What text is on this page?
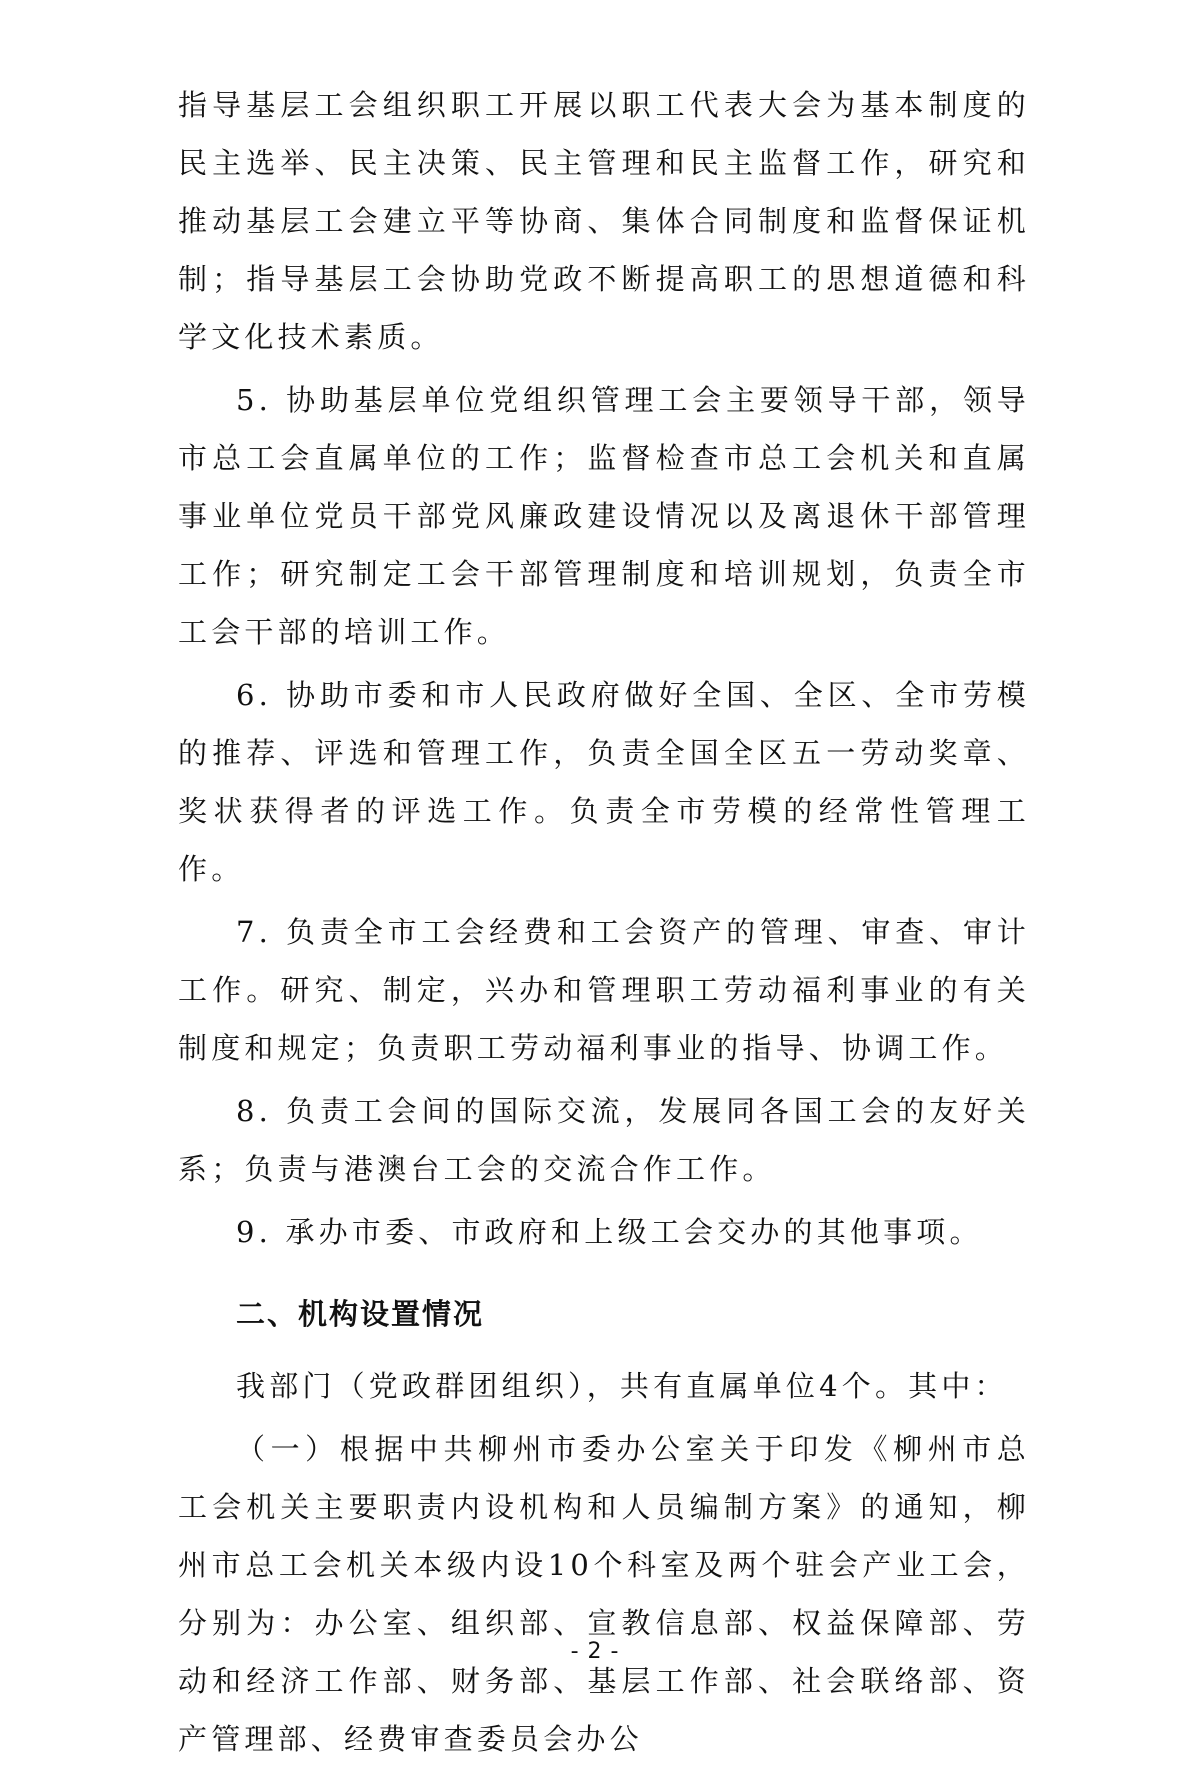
指导基层工会组织职工开展以职工代表大会为基本制度的民主选举、民主决策、民主管理和民主监督工作，研究和推动基层工会建立平等协商、集体合同制度和监督保证机制；指导基层工会协助党政不断提高职工的思想道德和科学文化技术素质。

5. 协助基层单位党组织管理工会主要领导干部，领导市总工会直属单位的工作；监督检查市总工会机关和直属事业单位党员干部党风廉政建设情况以及离退休干部管理工作；研究制定工会干部管理制度和培训规划，负责全市工会干部的培训工作。

6. 协助市委和市人民政府做好全国、全区、全市劳模的推荐、评选和管理工作，负责全国全区五一劳动奖章、奖状获得者的评选工作。负责全市劳模的经常性管理工作。

7. 负责全市工会经费和工会资产的管理、审查、审计工作。研究、制定，兴办和管理职工劳动福利事业的有关制度和规定；负责职工劳动福利事业的指导、协调工作。

8. 负责工会间的国际交流，发展同各国工会的友好关系；负责与港澳台工会的交流合作工作。

9. 承办市委、市政府和上级工会交办的其他事项。

二、机构设置情况

我部门（党政群团组织），共有直属单位4个。其中：

（一）根据中共柳州市委办公室关于印发《柳州市总工会机关主要职责内设机构和人员编制方案》的通知，柳州市总工会机关本级内设10个科室及两个驻会产业工会，分别为：办公室、组织部、宣教信息部、权益保障部、劳动和经济工作部、财务部、基层工作部、社会联络部、资产管理部、经费审查委员会办公

- 2 -
